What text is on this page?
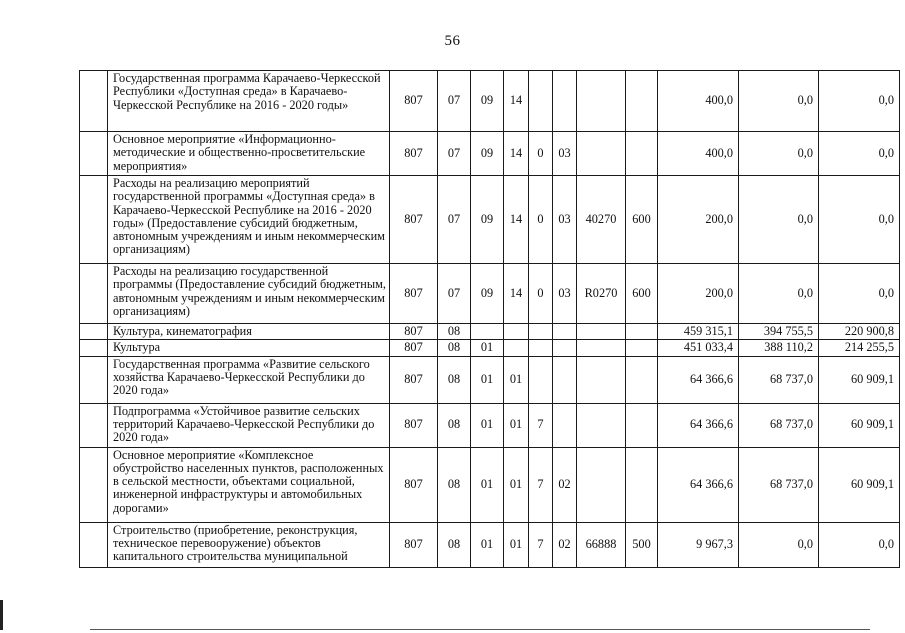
56
	Государственная программа Карачаево-Черкесской Республики «Доступная среда» в Карачаево-Черкесской Республике на 2016 - 2020 годы»	807	07	09	14					400,0	0,0	0,0
	Основное мероприятие «Информационно-методические и общественно-просветительские мероприятия»	807	07	09	14	0	03			400,0	0,0	0,0
	Расходы на реализацию мероприятий государственной программы «Доступная среда» в Карачаево-Черкесской Республике на 2016 - 2020 годы» (Предоставление субсидий бюджетным, автономным учреждениям и иным некоммерческим организациям)	807	07	09	14	0	03	40270	600	200,0	0,0	0,0
	Расходы на реализацию государственной программы (Предоставление субсидий бюджетным, автономным учреждениям и иным некоммерческим организациям)	807	07	09	14	0	03	R0270	600	200,0	0,0	0,0
	Культура, кинематография	807	08							459 315,1	394 755,5	220 900,8
	Культура	807	08	01						451 033,4	388 110,2	214 255,5
	Государственная программа «Развитие сельского хозяйства Карачаево-Черкесской Республики до 2020 года»	807	08	01	01					64 366,6	68 737,0	60 909,1
	Подпрограмма «Устойчивое развитие сельских территорий Карачаево-Черкесской Республики до 2020 года»	807	08	01	01	7				64 366,6	68 737,0	60 909,1
	Основное мероприятие «Комплексное обустройство населенных пунктов, расположенных в сельской местности, объектами социальной, инженерной инфраструктуры и автомобильных дорогами»	807	08	01	01	7	02			64 366,6	68 737,0	60 909,1
	Строительство (приобретение, реконструкция, техническое перевооружение) объектов капитального строительства муниципальной	807	08	01	01	7	02	66888	500	9 967,3	0,0	0,0
